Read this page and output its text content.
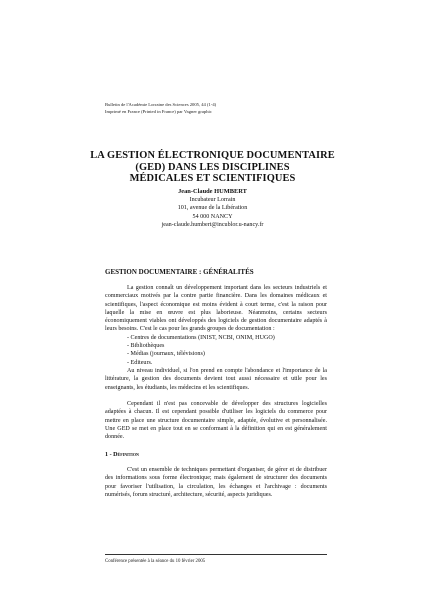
Bulletin de l'Académie Lorraine des Sciences 2005, 44 (1-4)
Imprimé en France (Printed in France) par Vagner graphic
LA GESTION ÉLECTRONIQUE DOCUMENTAIRE
(GED) DANS LES DISCIPLINES
MÉDICALES ET SCIENTIFIQUES
Jean-Claude HUMBERT
Incubateur Lorrain
101, avenue de la Libération
54 000 NANCY
jean-claude.humbert@incublor.u-nancy.fr
GESTION DOCUMENTAIRE : GÉNÉRALITÉS

La gestion connaît un développement important dans les secteurs industriels et commerciaux motivés par la contre partie financière. Dans les domaines médicaux et scientifiques, l'aspect économique est moins évident à court terme, c'est la raison pour laquelle la mise en œuvre est plus laborieuse. Néanmoins, certains secteurs économiquement viables ont développés des logiciels de gestion documentaire adaptés à leurs besoins. C'est le cas pour les grands groupes de documentation :

- Centres de documentations (INIST, NCBI, ONIM, HUGO)
- Bibliothèques
- Médias (journaux, télévisions)
- Editeurs.

Au niveau individuel, si l'on prend en compte l'abondance et l'importance de la littérature, la gestion des documents devient tout aussi nécessaire et utile pour les enseignants, les étudiants, les médecins et les scientifiques.

Cependant il n'est pas concevable de développer des structures logicielles adaptées à chacun. Il est cependant possible d'utiliser les logiciels du commerce pour mettre en place une structure documentaire simple, adaptée, évolutive et personnalisée. Une GED se met en place tout en se conformant à la définition qui en est généralement donnée.

1 - Définition

C'est un ensemble de techniques permettant d'organiser, de gérer et de distribuer des informations sous forme électronique; mais également de structurer des documents pour favoriser l'utilisation, la circulation, les échanges et l'archivage : documents numérisés, forum structuré, architecture, sécurité, aspects juridiques.

Conférence présentée à la séance du 10 février 2005
